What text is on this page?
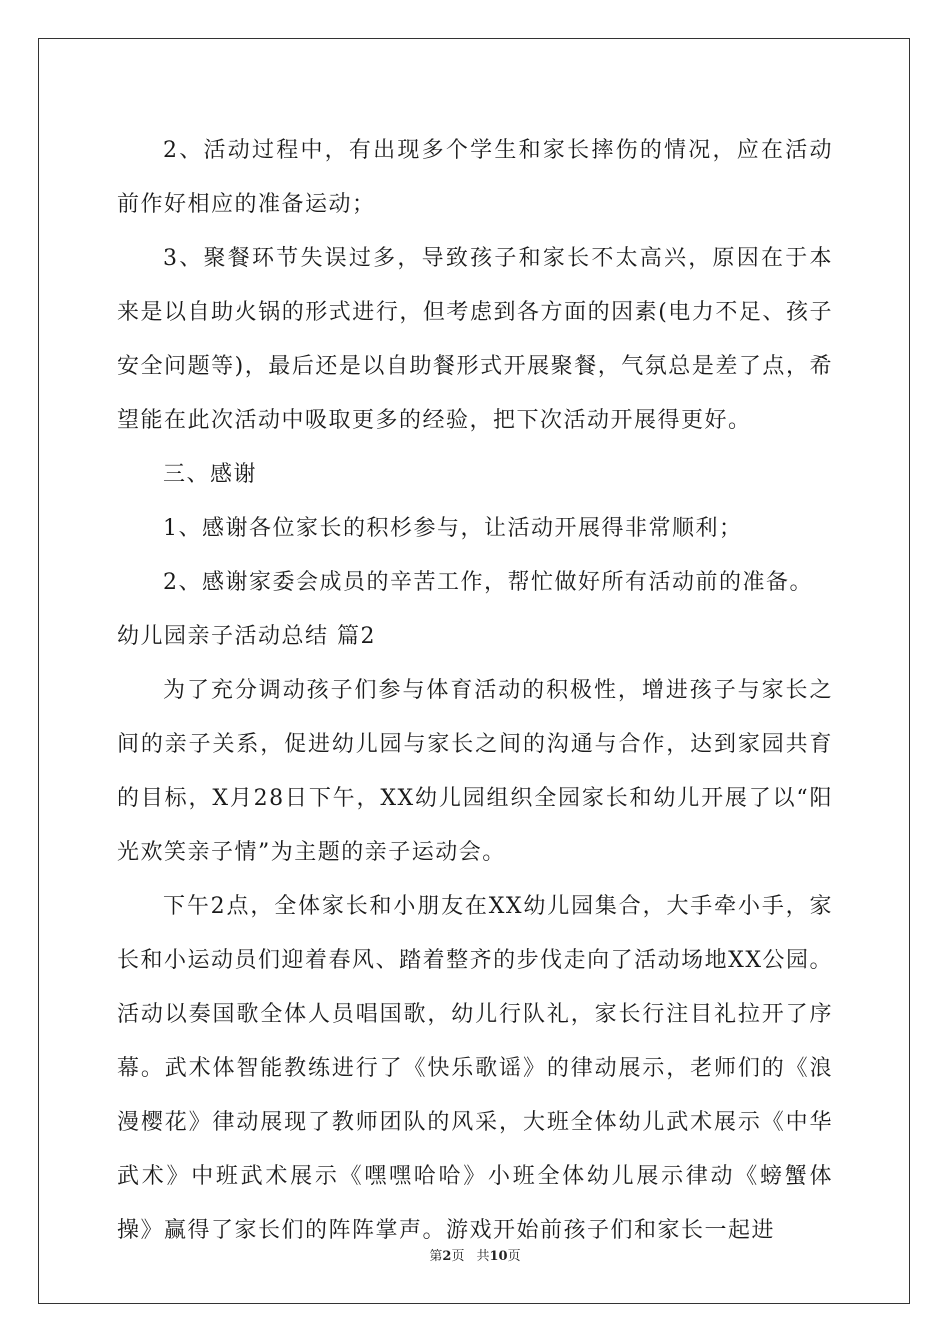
2、活动过程中，有出现多个学生和家长摔伤的情况，应在活动前作好相应的准备运动；

3、聚餐环节失误过多，导致孩子和家长不太高兴，原因在于本来是以自助火锅的形式进行，但考虑到各方面的因素(电力不足、孩子安全问题等)，最后还是以自助餐形式开展聚餐，气氛总是差了点，希望能在此次活动中吸取更多的经验，把下次活动开展得更好。

三、感谢

1、感谢各位家长的积杉参与，让活动开展得非常顺利；

2、感谢家委会成员的辛苦工作，帮忙做好所有活动前的准备。

幼儿园亲子活动总结 篇2

为了充分调动孩子们参与体育活动的积极性，增进孩子与家长之间的亲子关系，促进幼儿园与家长之间的沟通与合作，达到家园共育的目标，X月28日下午，XX幼儿园组织全园家长和幼儿开展了以“阳光欢笑亲子情”为主题的亲子运动会。

下午2点，全体家长和小朋友在XX幼儿园集合，大手牵小手，家长和小运动员们迎着春风、踏着整齐的步伐走向了活动场地XX公园。活动以奏国歌全体人员唱国歌，幼儿行队礼，家长行注目礼拉开了序幕。武术体智能教练进行了《快乐歌谣》的律动展示，老师们的《浪漫樱花》律动展现了教师团队的风采，大班全体幼儿武术展示《中华武术》中班武术展示《嘿嘿哈哈》小班全体幼儿展示律动《螃蟹体操》赢得了家长们的阵阵掌声。游戏开始前孩子们和家长一起进

第2页 共10页
